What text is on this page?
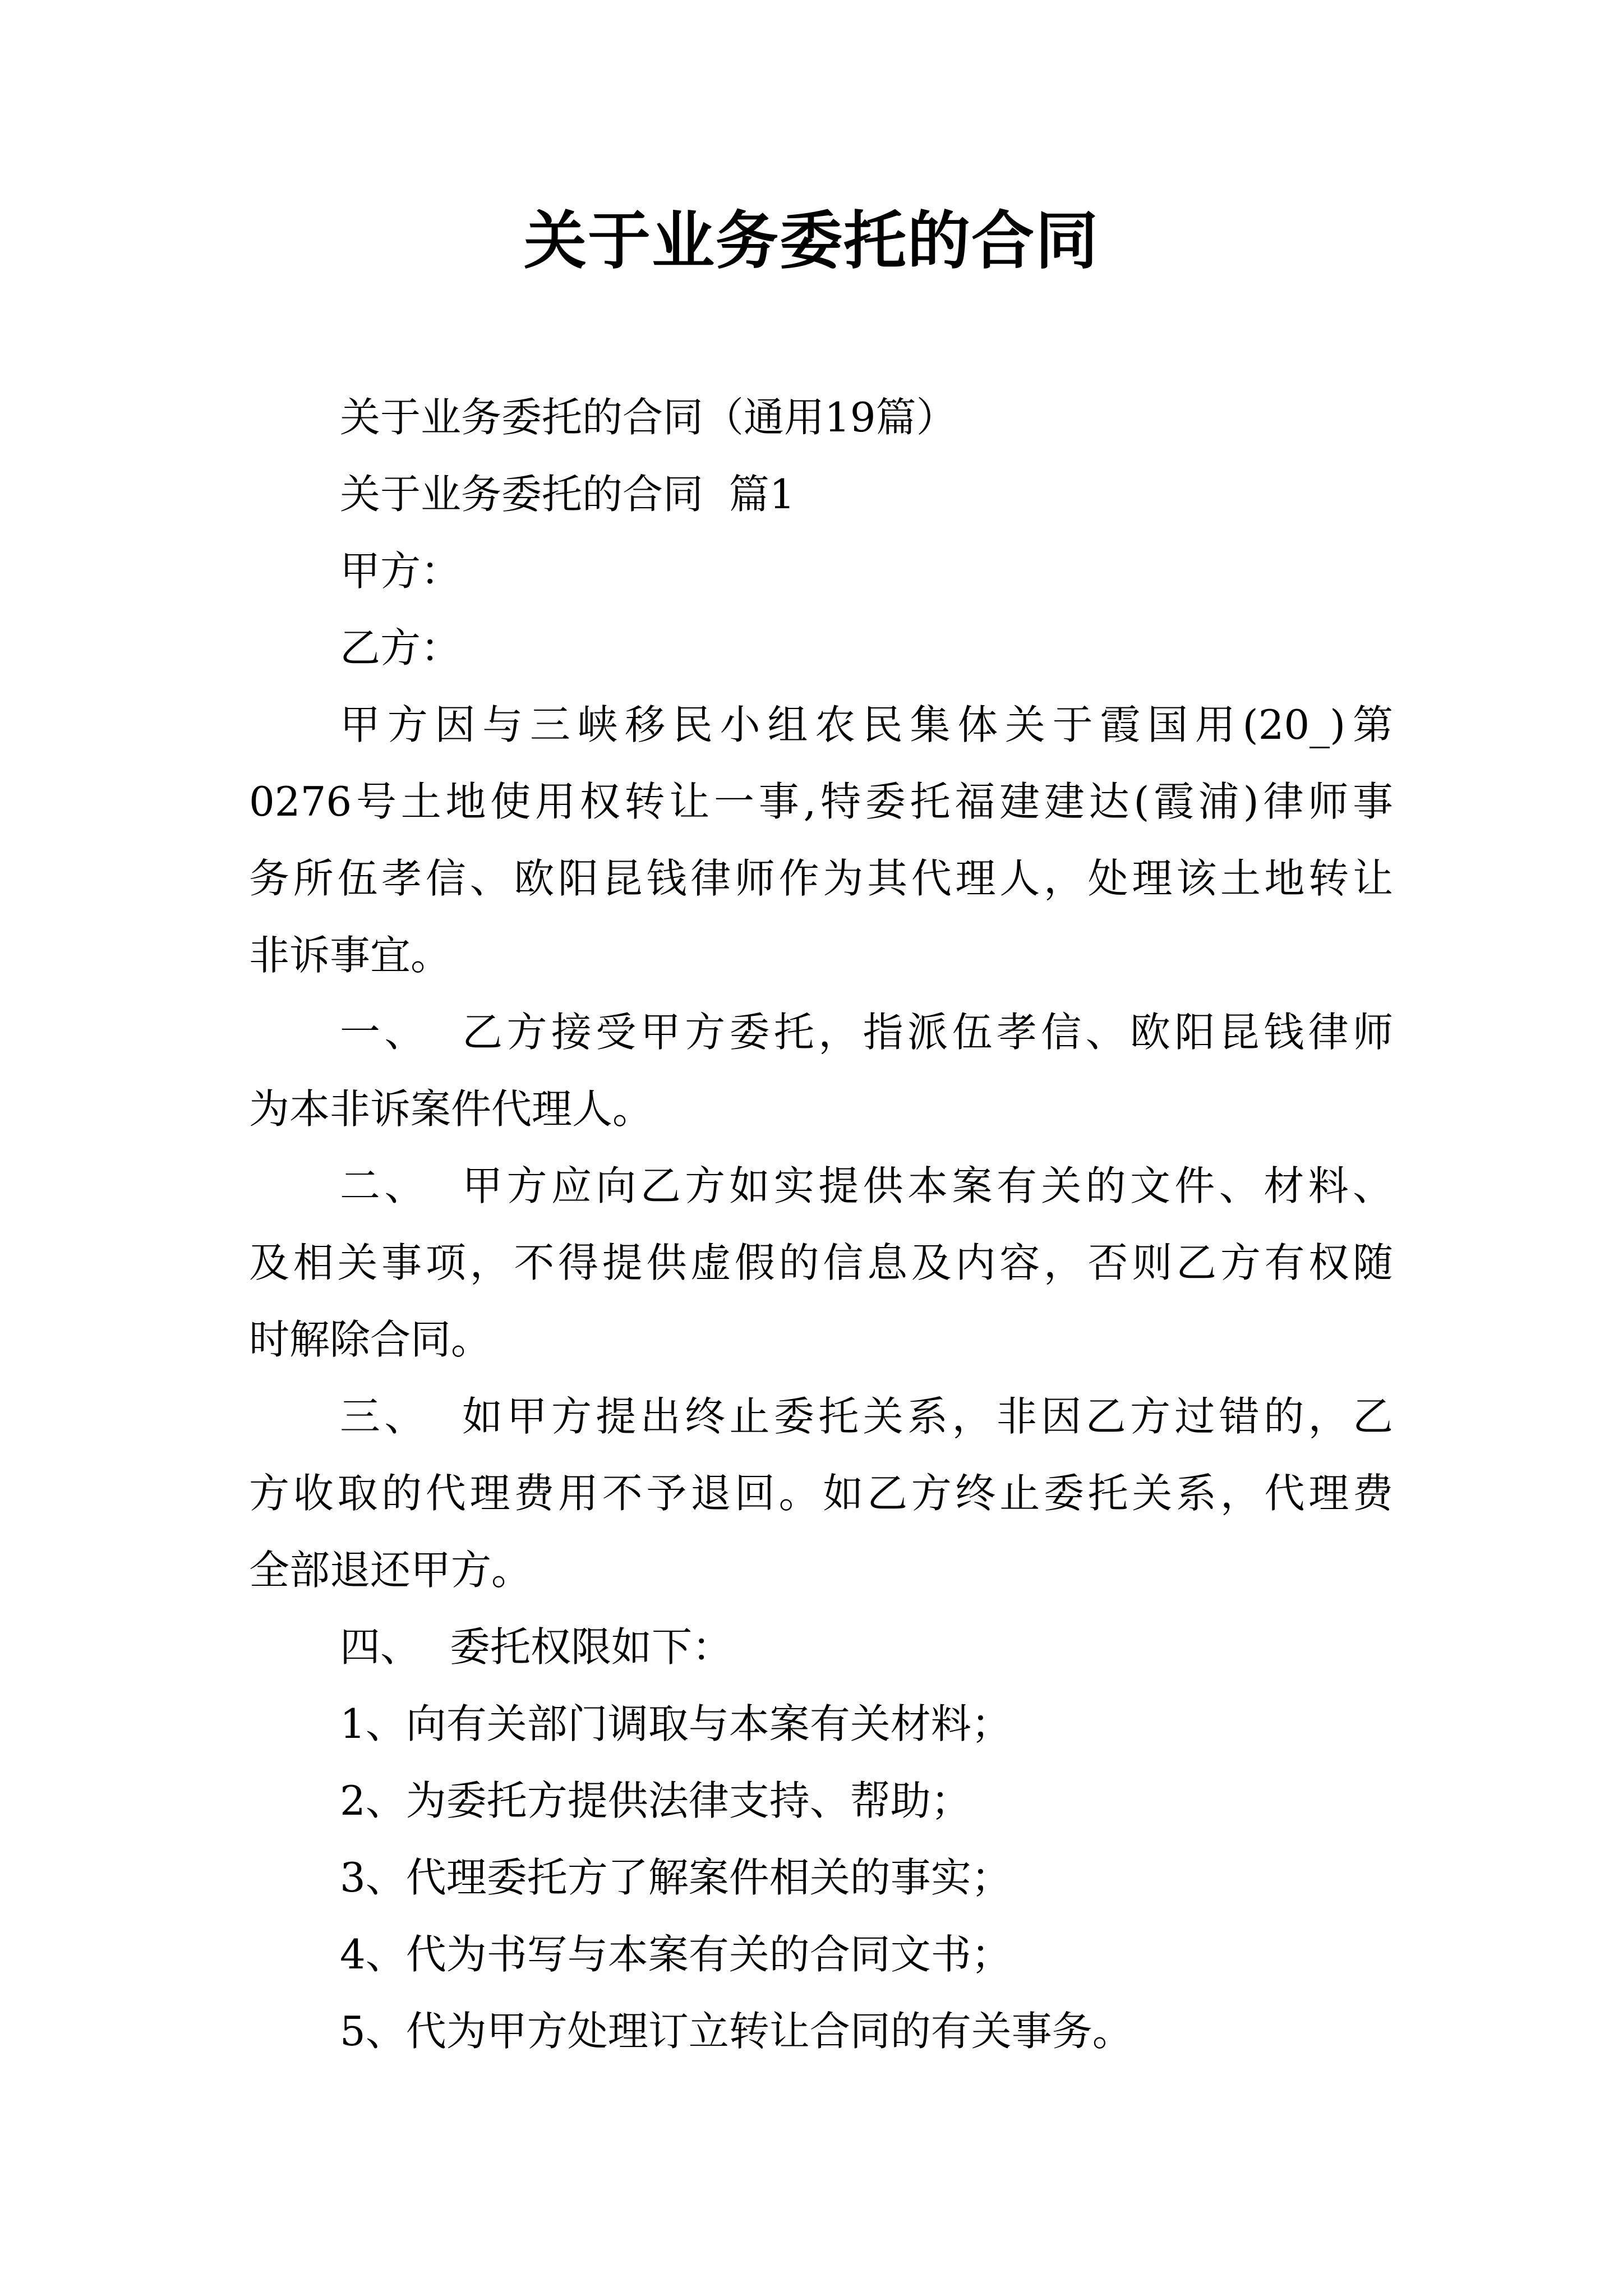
关于业务委托的合同
关于业务委托的合同（通用19篇）
关于业务委托的合同  篇1
甲方：
乙方：
甲方因与三峡移民小组农民集体关于霞国用(20_)第
0276号土地使用权转让一事,特委托福建建达(霞浦)律师事
务所伍孝信、欧阳昆钱律师作为其代理人，处理该土地转让
非诉事宜。
一、 乙方接受甲方委托，指派伍孝信、欧阳昆钱律师
为本非诉案件代理人。
二、 甲方应向乙方如实提供本案有关的文件、材料、
及相关事项，不得提供虚假的信息及内容，否则乙方有权随
时解除合同。
三、 如甲方提出终止委托关系，非因乙方过错的，乙
方收取的代理费用不予退回。如乙方终止委托关系，代理费
全部退还甲方。
四、 委托权限如下：
1、向有关部门调取与本案有关材料；
2、为委托方提供法律支持、帮助；
3、代理委托方了解案件相关的事实；
4、代为书写与本案有关的合同文书；
5、代为甲方处理订立转让合同的有关事务。
